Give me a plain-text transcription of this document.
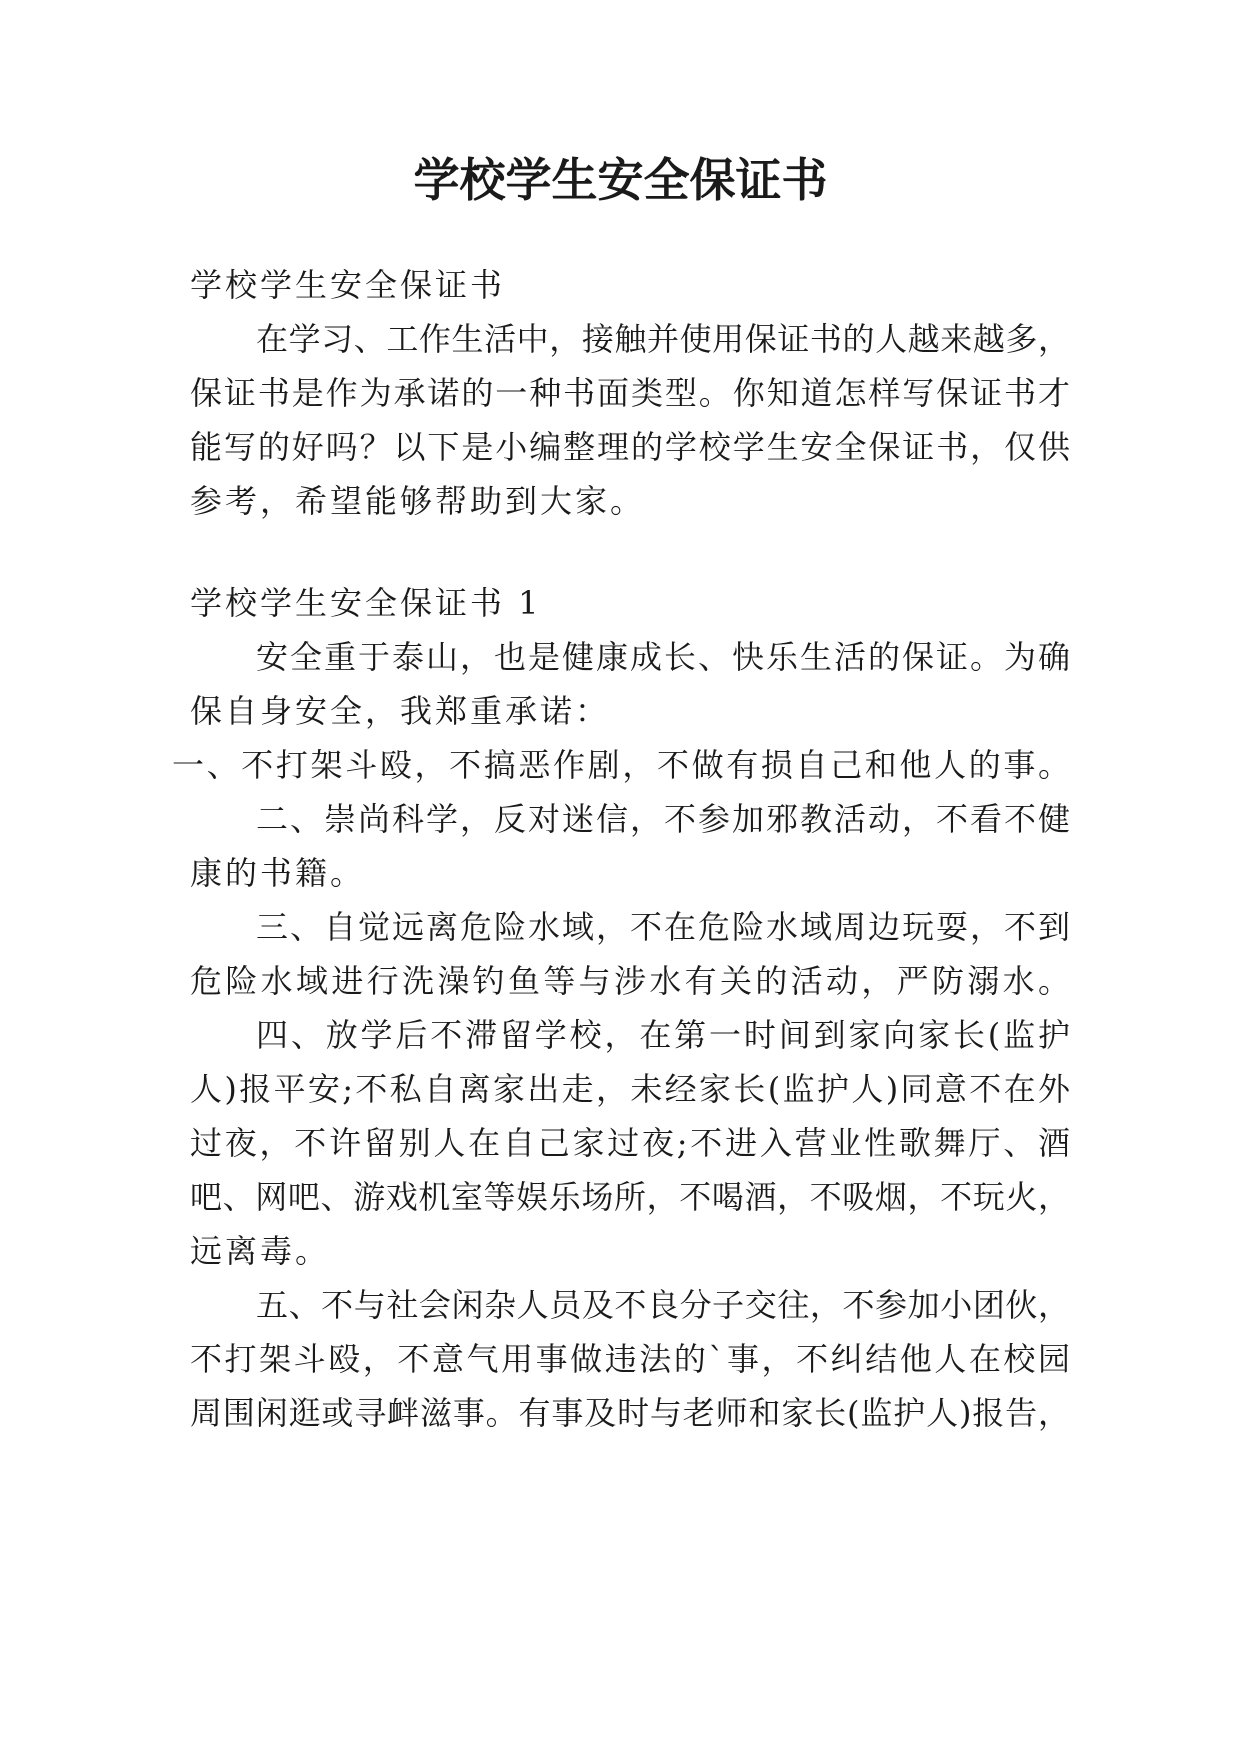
学校学生安全保证书

学校学生安全保证书

在学习、工作生活中，接触并使用保证书的人越来越多，

保证书是作为承诺的一种书面类型。你知道怎样写保证书才

能写的好吗？以下是小编整理的学校学生安全保证书，仅供

参考，希望能够帮助到大家。

学校学生安全保证书 1

安全重于泰山，也是健康成长、快乐生活的保证。为确

保自身安全，我郑重承诺：

一、不打架斗殴，不搞恶作剧，不做有损自己和他人的事。

二、崇尚科学，反对迷信，不参加邪教活动，不看不健

康的书籍。

三、自觉远离危险水域，不在危险水域周边玩耍，不到

危险水域进行洗澡钓鱼等与涉水有关的活动，严防溺水。

四、放学后不滞留学校，在第一时间到家向家长(监护

人)报平安;不私自离家出走，未经家长(监护人)同意不在外

过夜，不许留别人在自己家过夜;不进入营业性歌舞厅、酒

吧、网吧、游戏机室等娱乐场所，不喝酒，不吸烟，不玩火，

远离毒。

五、不与社会闲杂人员及不良分子交往，不参加小团伙，

不打架斗殴，不意气用事做违法的`事，不纠结他人在校园

周围闲逛或寻衅滋事。有事及时与老师和家长(监护人)报告，
